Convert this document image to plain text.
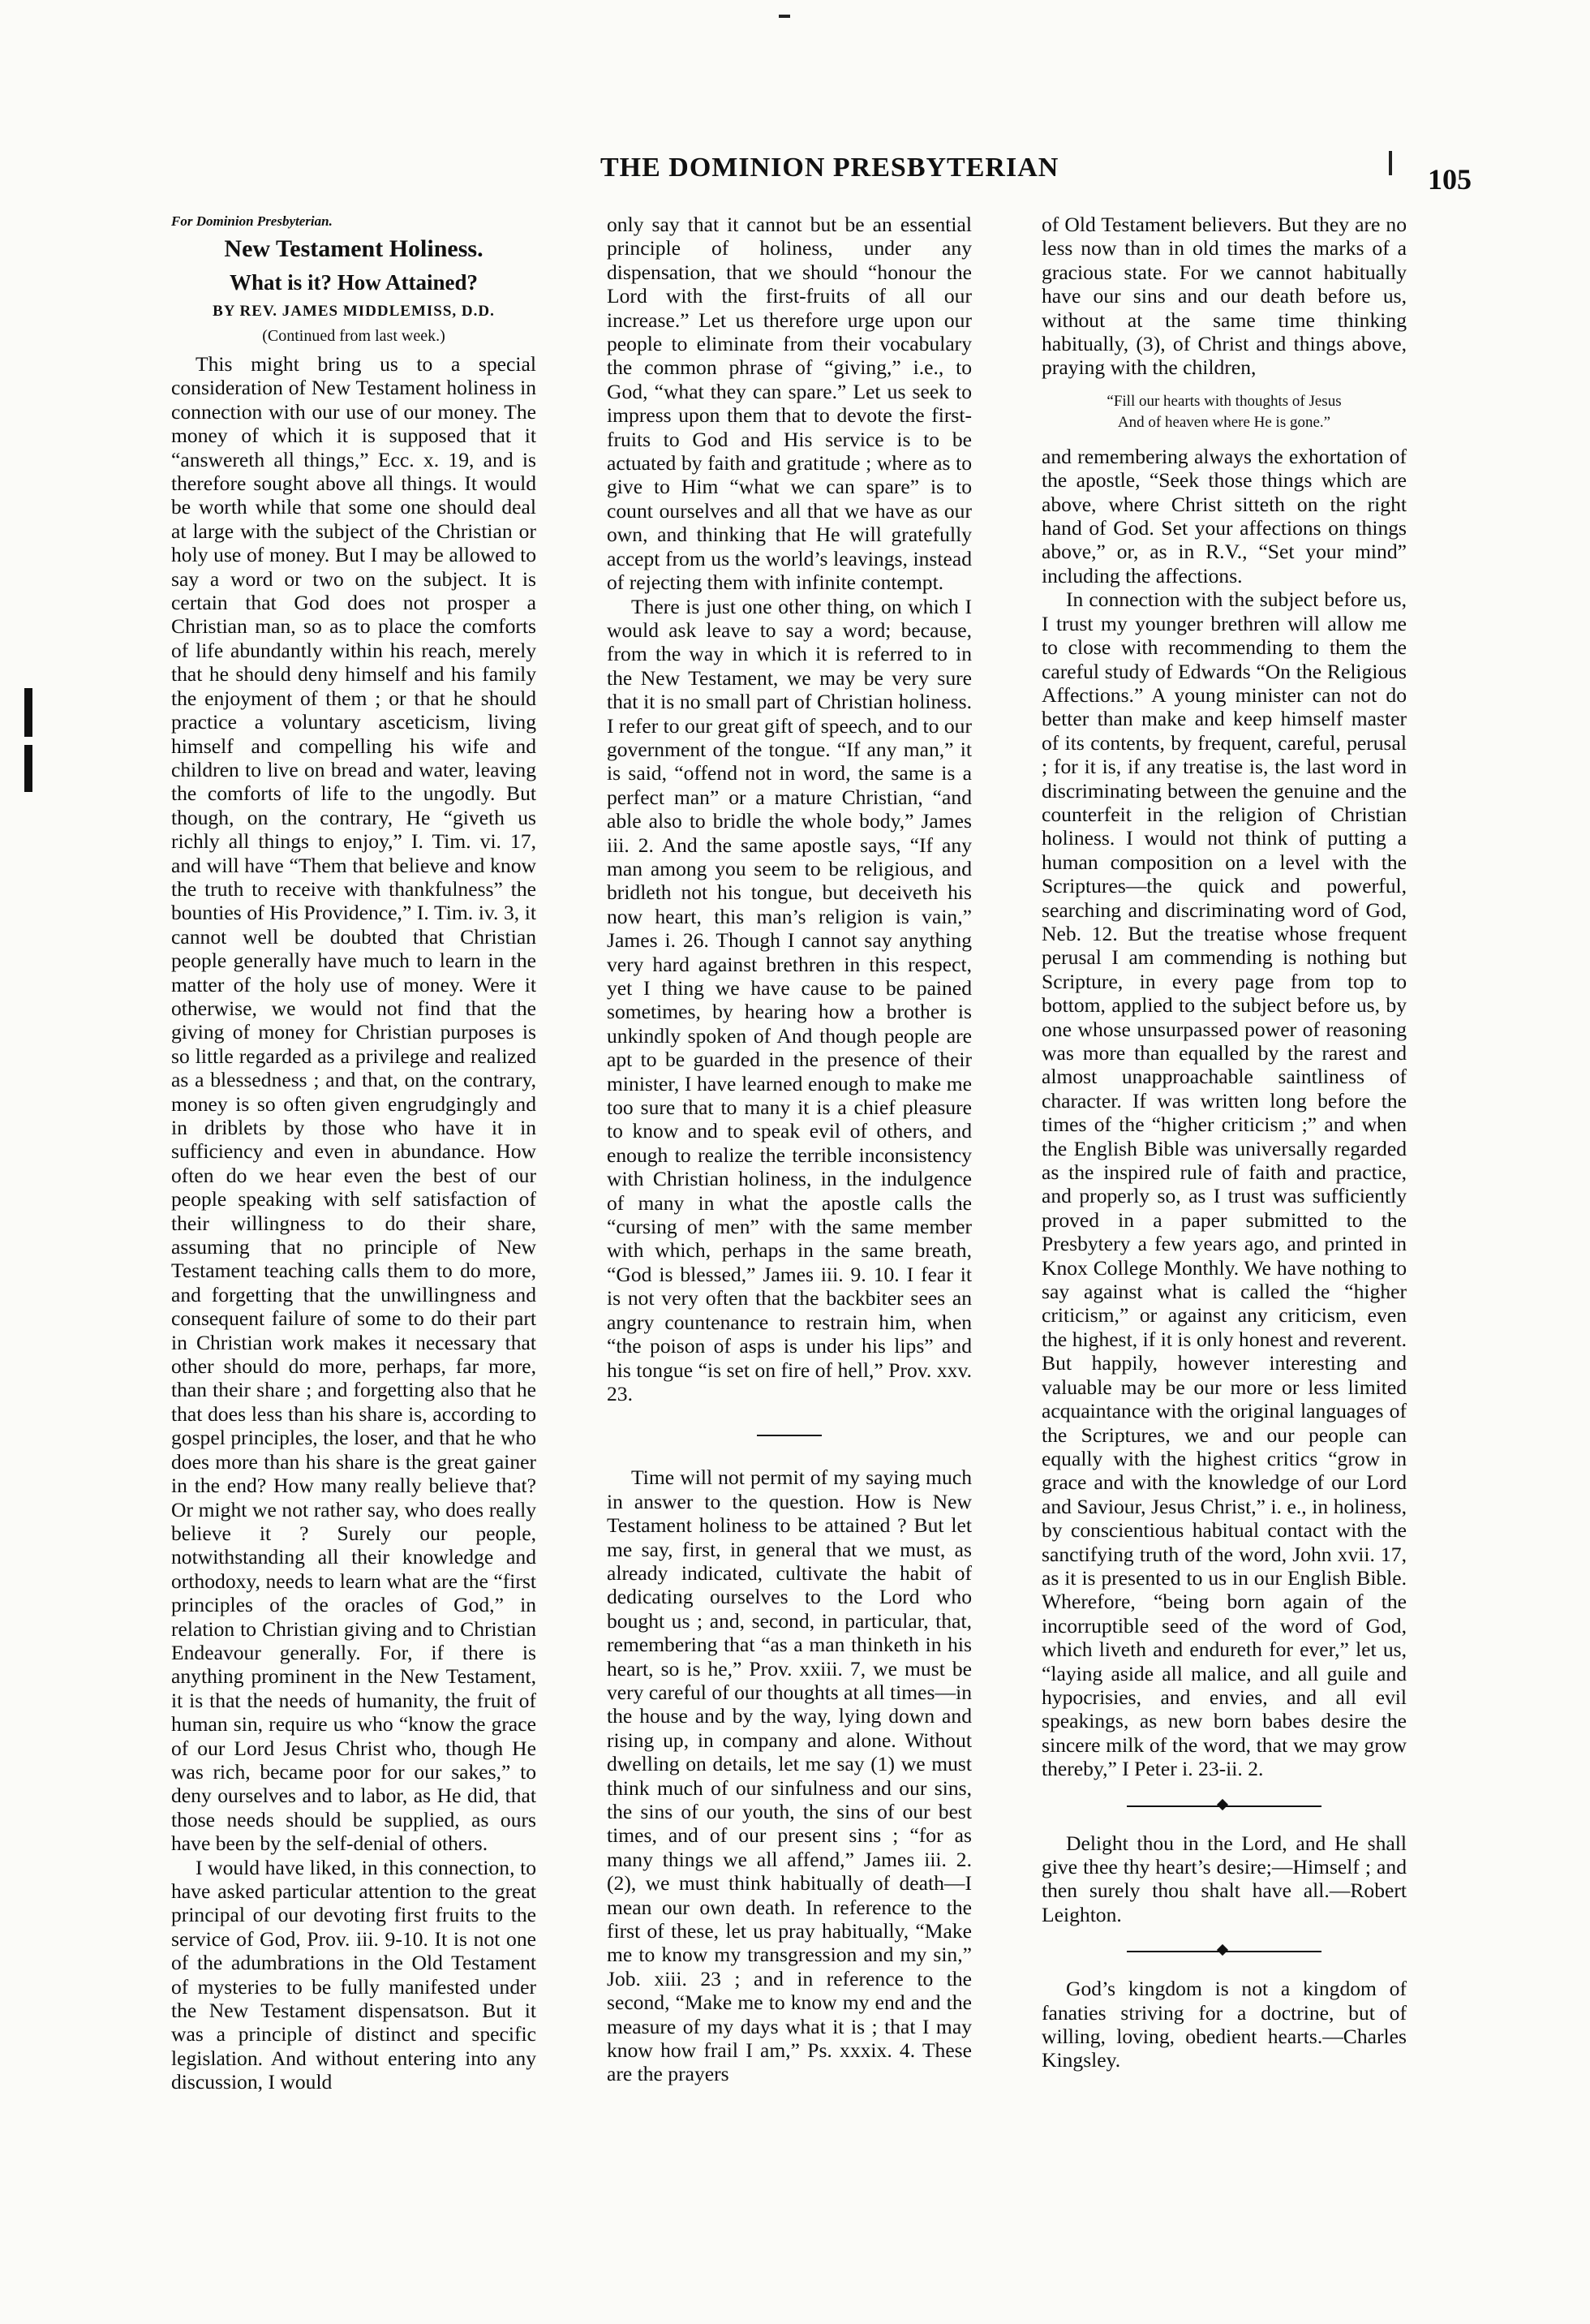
THE DOMINION PRESBYTERIAN	105
For Dominion Presbyterian.
New Testament Holiness.
What is it? How Attained?
BY REV. JAMES MIDDLEMISS, D.D.
(Continued from last week.)

This might bring us to a special consideration of New Testament holiness in connection with our use of our money. The money of which it is supposed that it “answereth all things,” Ecc. x. 19, and is therefore sought above all things. It would be worth while that some one should deal at large with the subject of the Christian or holy use of money. But I may be allowed to say a word or two on the subject. It is certain that God does not prosper a Christian man, so as to place the comforts of life abundantly within his reach, merely that he should deny himself and his family the enjoyment of them ; or that he should practice a voluntary asceticism, living himself and compelling his wife and children to live on bread and water, leaving the comforts of life to the ungodly. But though, on the contrary, He “giveth us richly all things to enjoy,” I. Tim. vi. 17, and will have “Them that believe and know the truth to receive with thankfulness” the bounties of His Providence,” I. Tim. iv. 3, it cannot well be doubted that Christian people generally have much to learn in the matter of the holy use of money. Were it otherwise, we would not find that the giving of money for Christian purposes is so little regarded as a privilege and realized as a blessedness ; and that, on the contrary, money is so often given engrudgingly and in driblets by those who have it in sufficiency and even in abundance. How often do we hear even the best of our people speaking with self satisfaction of their willingness to do their share, assuming that no principle of New Testament teaching calls them to do more, and forgetting that the unwillingness and consequent failure of some to do their part in Christian work makes it necessary that other should do more, perhaps, far more, than their share ; and forgetting also that he that does less than his share is, according to gospel principles, the loser, and that he who does more than his share is the great gainer in the end? How many really believe that? Or might we not rather say, who does really believe it ? Surely our people, notwithstanding all their knowledge and orthodoxy, needs to learn what are the “first principles of the oracles of God,” in relation to Christian giving and to Christian Endeavour generally. For, if there is anything prominent in the New Testament, it is that the needs of humanity, the fruit of human sin, require us who “know the grace of our Lord Jesus Christ who, though He was rich, became poor for our sakes,” to deny ourselves and to labor, as He did, that those needs should be supplied, as ours have been by the self-denial of others.

I would have liked, in this connection, to have asked particular attention to the great principal of our devoting first fruits to the service of God, Prov. iii. 9-10. It is not one of the adumbrations in the Old Testament of mysteries to be fully manifested under the New Testament dispensatson. But it was a principle of distinct and specific legislation. And without entering into any discussion, I would

only say that it cannot but be an essential principle of holiness, under any dispensation, that we should “honour the Lord with the first-fruits of all our increase.” Let us therefore urge upon our people to eliminate from their vocabulary the common phrase of “giving,” i.e., to God, “what they can spare.” Let us seek to impress upon them that to devote the first-fruits to God and His service is to be actuated by faith and gratitude ; where as to give to Him “what we can spare” is to count ourselves and all that we have as our own, and thinking that He will gratefully accept from us the world’s leavings, instead of rejecting them with infinite contempt.

There is just one other thing, on which I would ask leave to say a word; because, from the way in which it is referred to in the New Testament, we may be very sure that it is no small part of Christian holiness. I refer to our great gift of speech, and to our government of the tongue. “If any man,” it is said, “offend not in word, the same is a perfect man” or a mature Christian, “and able also to bridle the whole body,” James iii. 2. And the same apostle says, “If any man among you seem to be religious, and bridleth not his tongue, but deceiveth his now heart, this man’s religion is vain,” James i. 26. Though I cannot say anything very hard against brethren in this respect, yet I thing we have cause to be pained sometimes, by hearing how a brother is unkindly spoken of And though people are apt to be guarded in the presence of their minister, I have learned enough to make me too sure that to many it is a chief pleasure to know and to speak evil of others, and enough to realize the terrible inconsistency with Christian holiness, in the indulgence of many in what the apostle calls the “cursing of men” with the same member with which, perhaps in the same breath, “God is blessed,” James iii. 9. 10. I fear it is not very often that the backbiter sees an angry countenance to restrain him, when “the poison of asps is under his lips” and his tongue “is set on fire of hell,” Prov. xxv. 23.

Time will not permit of my saying much in answer to the question. How is New Testament holiness to be attained ? But let me say, first, in general that we must, as already indicated, cultivate the habit of dedicating ourselves to the Lord who bought us ; and, second, in particular, that, remembering that “as a man thinketh in his heart, so is he,” Prov. xxiii. 7, we must be very careful of our thoughts at all times—in the house and by the way, lying down and rising up, in company and alone. Without dwelling on details, let me say (1) we must think much of our sinfulness and our sins, the sins of our youth, the sins of our best times, and of our present sins ; “for as many things we all affend,” James iii. 2. (2), we must think habitually of death—I mean our own death. In reference to the first of these, let us pray habitually, “Make me to know my transgression and my sin,” Job. xiii. 23 ; and in reference to the second, “Make me to know my end and the measure of my days what it is ; that I may know how frail I am,” Ps. xxxix. 4. These are the prayers

of Old Testament believers. But they are no less now than in old times the marks of a gracious state. For we cannot habitually have our sins and our death before us, without at the same time thinking habitually, (3), of Christ and things above, praying with the children,

“Fill our hearts with thoughts of Jesus
And of heaven where He is gone.”

and remembering always the exhortation of the apostle, “Seek those things which are above, where Christ sitteth on the right hand of God. Set your affections on things above,” or, as in R.V., “Set your mind” including the affections.

In connection with the subject before us, I trust my younger brethren will allow me to close with recommending to them the careful study of Edwards “On the Religious Affections.” A young minister can not do better than make and keep himself master of its contents, by frequent, careful, perusal ; for it is, if any treatise is, the last word in discriminating between the genuine and the counterfeit in the religion of Christian holiness. I would not think of putting a human composition on a level with the Scriptures—the quick and powerful, searching and discriminating word of God, Neb. 12. But the treatise whose frequent perusal I am commending is nothing but Scripture, in every page from top to bottom, applied to the subject before us, by one whose unsurpassed power of reasoning was more than equalled by the rarest and almost unapproachable saintliness of character. If was written long before the times of the “higher criticism ;” and when the English Bible was universally regarded as the inspired rule of faith and practice, and properly so, as I trust was sufficiently proved in a paper submitted to the Presbytery a few years ago, and printed in Knox College Monthly. We have nothing to say against what is called the “higher criticism,” or against any criticism, even the highest, if it is only honest and reverent. But happily, however interesting and valuable may be our more or less limited acquaintance with the original languages of the Scriptures, we and our people can equally with the highest critics “grow in grace and with the knowledge of our Lord and Saviour, Jesus Christ,” i. e., in holiness, by conscientious habitual contact with the sanctifying truth of the word, John xvii. 17, as it is presented to us in our English Bible. Wherefore, “being born again of the incorruptible seed of the word of God, which liveth and endureth for ever,” let us, “laying aside all malice, and all guile and hypocrisies, and envies, and all evil speakings, as new born babes desire the sincere milk of the word, that we may grow thereby,” I Peter i. 23-ii. 2.

Delight thou in the Lord, and He shall give thee thy heart’s desire;—Himself ; and then surely thou shalt have all.—Robert Leighton.

God’s kingdom is not a kingdom of fanaties striving for a doctrine, but of willing, loving, obedient hearts.—Charles Kingsley.
